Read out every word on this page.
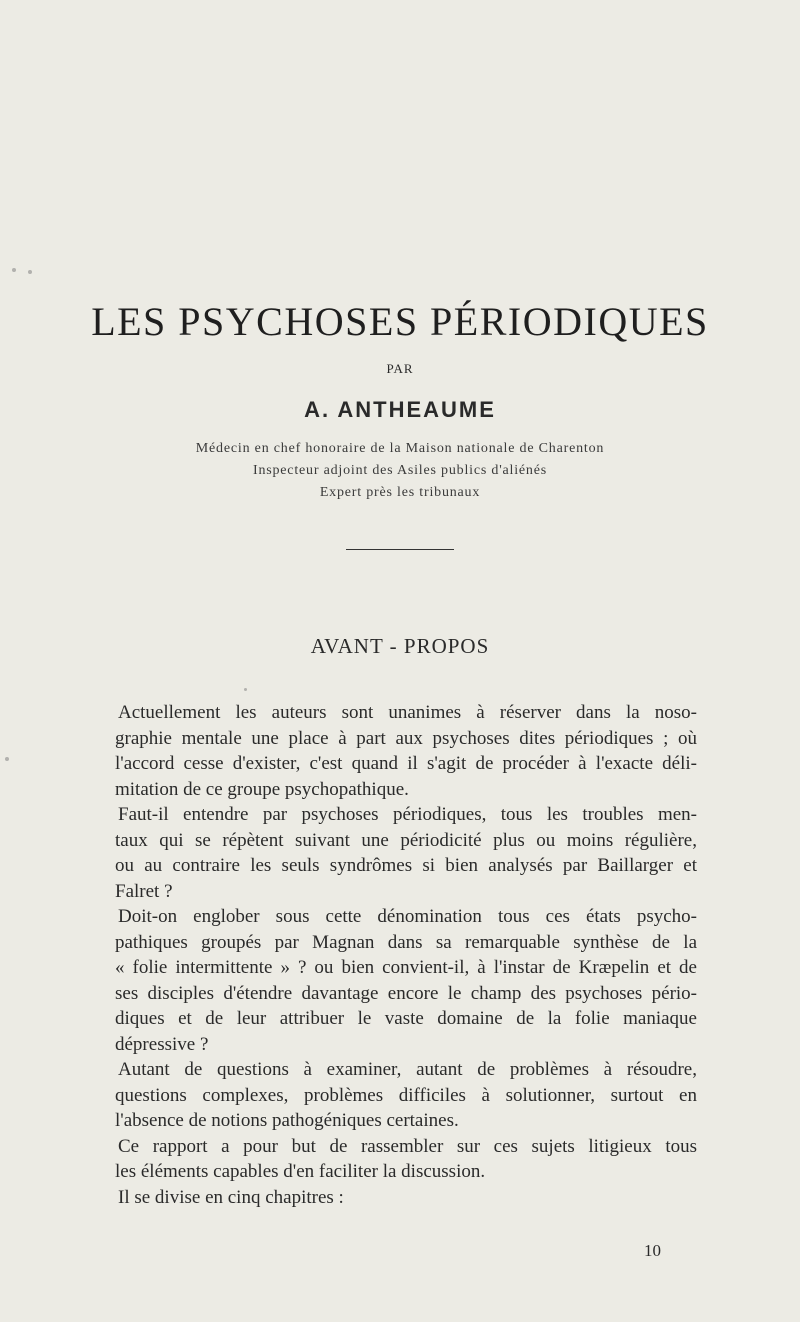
LES PSYCHOSES PÉRIODIQUES
PAR
A. ANTHEAUME
Médecin en chef honoraire de la Maison nationale de Charenton
Inspecteur adjoint des Asiles publics d'aliénés
Expert près les tribunaux
AVANT - PROPOS
Actuellement les auteurs sont unanimes à réserver dans la noso-
graphie mentale une place à part aux psychoses dites périodiques ; où
l'accord cesse d'exister, c'est quand il s'agit de procéder à l'exacte déli-
mitation de ce groupe psychopathique.
Faut-il entendre par psychoses périodiques, tous les troubles men-
taux qui se répètent suivant une périodicité plus ou moins régulière,
ou au contraire les seuls syndrômes si bien analysés par Baillarger et
Falret ?
Doit-on englober sous cette dénomination tous ces états psycho-
pathiques groupés par Magnan dans sa remarquable synthèse de la
« folie intermittente » ? ou bien convient-il, à l'instar de Kræpelin et de
ses disciples d'étendre davantage encore le champ des psychoses pério-
diques et de leur attribuer le vaste domaine de la folie maniaque
dépressive ?
Autant de questions à examiner, autant de problèmes à résoudre,
questions complexes, problèmes difficiles à solutionner, surtout en
l'absence de notions pathogéniques certaines.
Ce rapport a pour but de rassembler sur ces sujets litigieux tous
les éléments capables d'en faciliter la discussion.
Il se divise en cinq chapitres :
10
